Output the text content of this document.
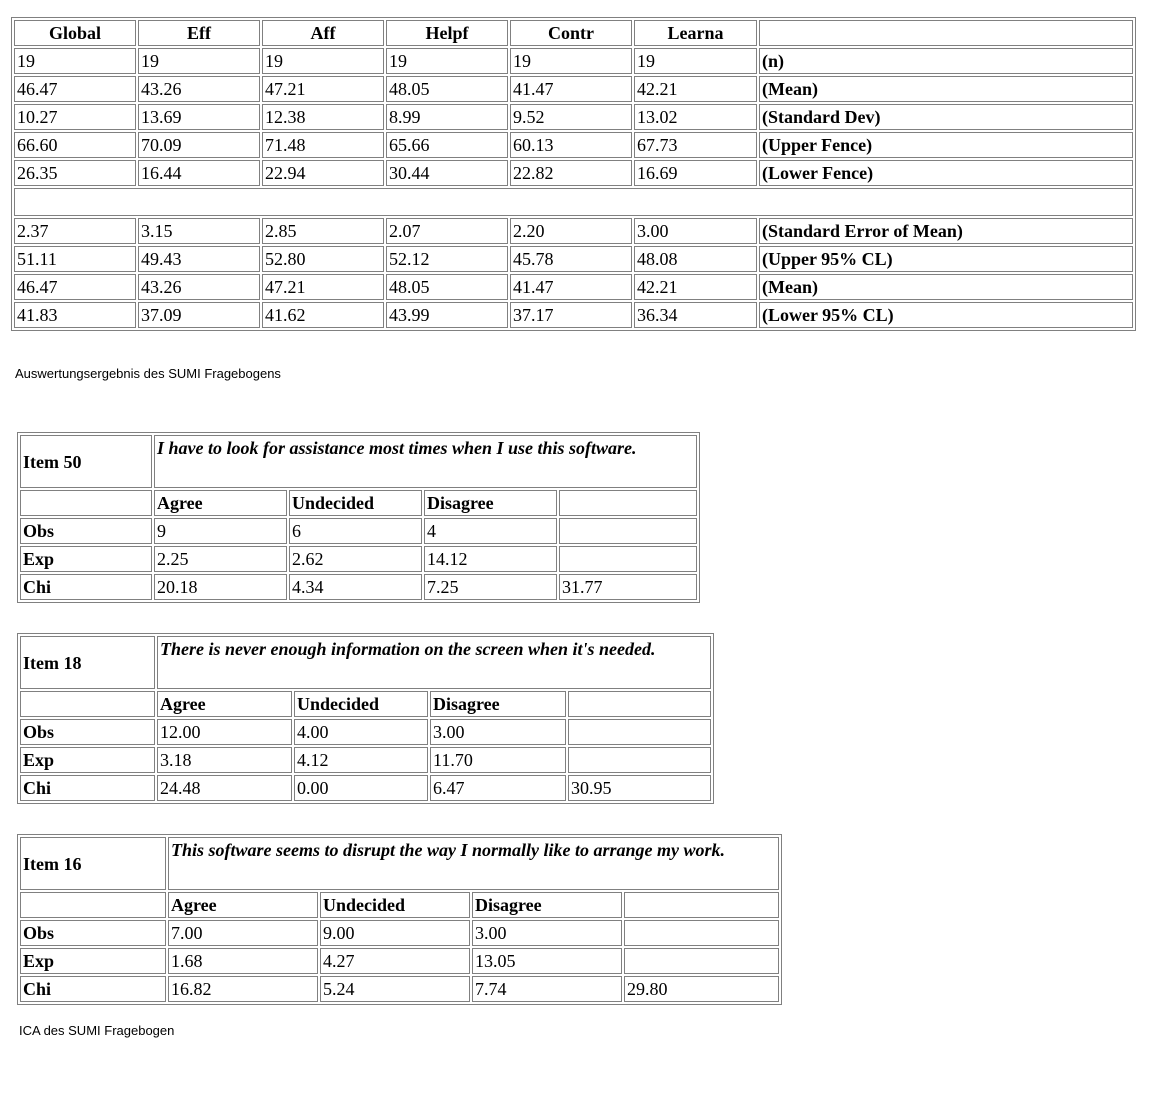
Global	Eff	Aff	Helpf	Contr	Learna	
19	19	19	19	19	19	(n)
46.47	43.26	47.21	48.05	41.47	42.21	(Mean)
10.27	13.69	12.38	8.99	9.52	13.02	(Standard Dev)
66.60	70.09	71.48	65.66	60.13	67.73	(Upper Fence)
26.35	16.44	22.94	30.44	22.82	16.69	(Lower Fence)

2.37	3.15	2.85	2.07	2.20	3.00	(Standard Error of Mean)
51.11	49.43	52.80	52.12	45.78	48.08	(Upper 95% CL)
46.47	43.26	47.21	48.05	41.47	42.21	(Mean)
41.83	37.09	41.62	43.99	37.17	36.34	(Lower 95% CL)
Auswertungsergebnis des SUMI Fragebogens
Item 50	I have to look for assistance most times when I use this software.			
	Agree	Undecided	Disagree	
Obs	9	6	4	
Exp	2.25	2.62	14.12	
Chi	20.18	4.34	7.25	31.77
Item 18	There is never enough information on the screen when it's needed.			
	Agree	Undecided	Disagree	
Obs	12.00	4.00	3.00	
Exp	3.18	4.12	11.70	
Chi	24.48	0.00	6.47	30.95
Item 16	This software seems to disrupt the way I normally like to arrange my work.			
	Agree	Undecided	Disagree	
Obs	7.00	9.00	3.00	
Exp	1.68	4.27	13.05	
Chi	16.82	5.24	7.74	29.80
ICA des SUMI Fragebogen
